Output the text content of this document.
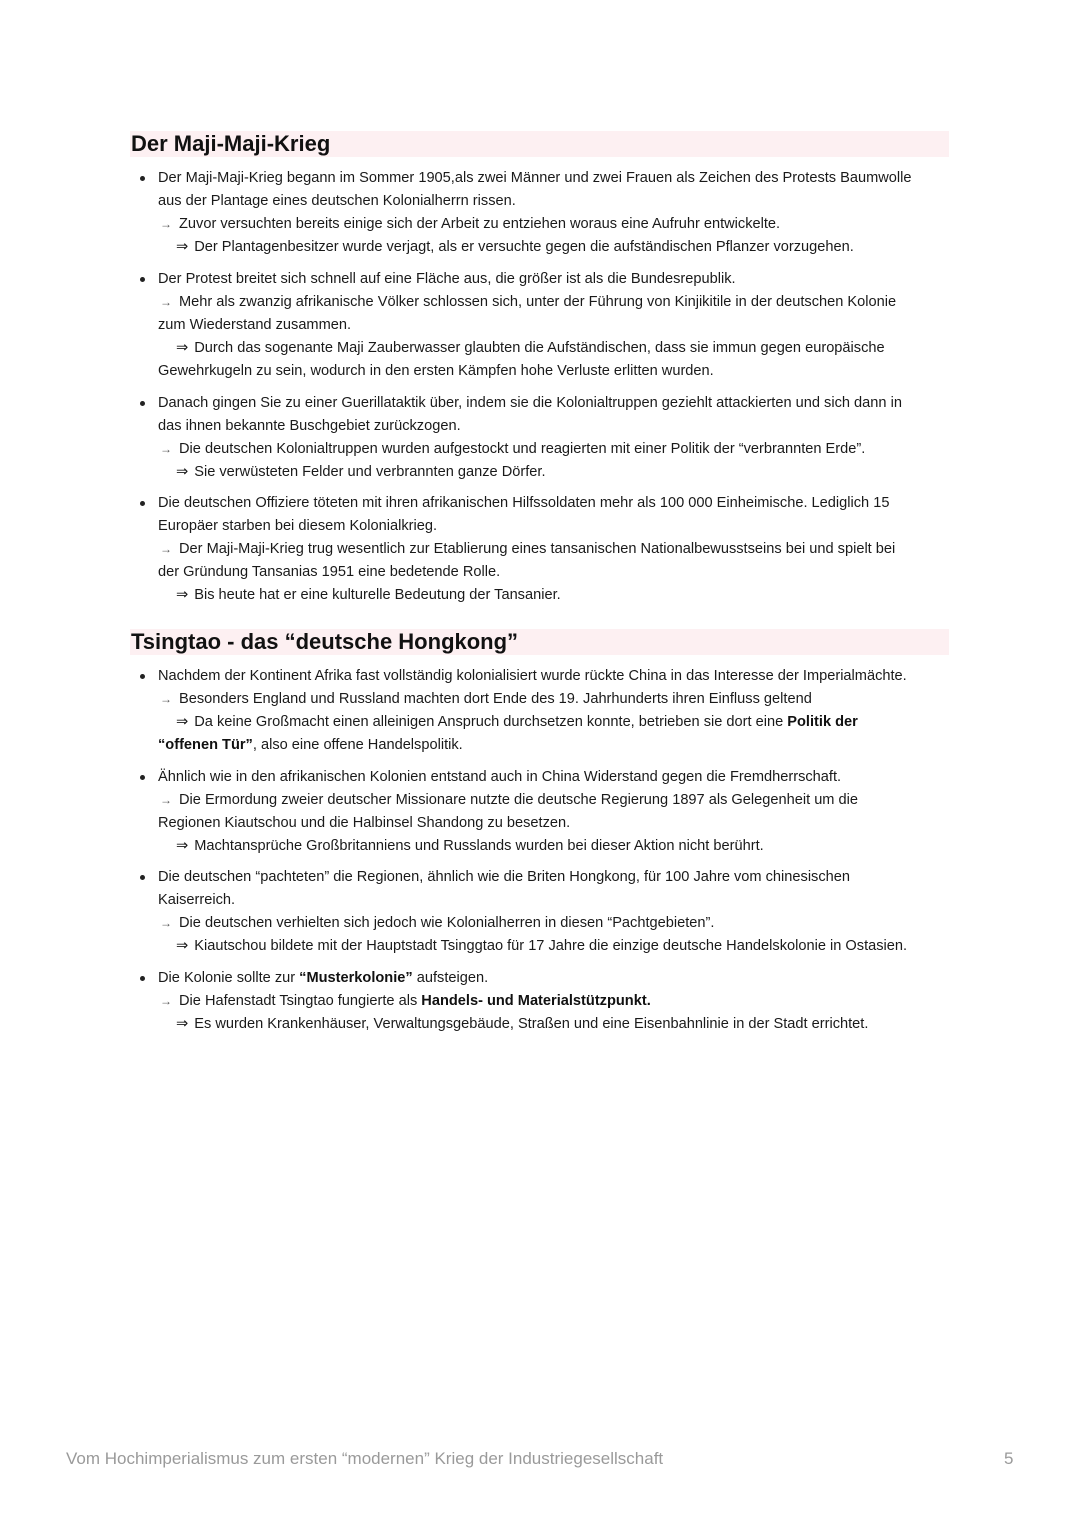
Der Maji-Maji-Krieg
Der Maji-Maji-Krieg begann im Sommer 1905,als zwei Männer und zwei Frauen als Zeichen des Protests Baumwolle
aus der Plantage eines deutschen Kolonialherrn rissen.
→ Zuvor versuchten bereits einige sich der Arbeit zu entziehen woraus eine Aufruhr entwickelte.
⇒ Der Plantagenbesitzer wurde verjagt, als er versuchte gegen die aufständischen Pflanzer vorzugehen.
Der Protest breitet sich schnell auf eine Fläche aus, die größer ist als die Bundesrepublik.
→ Mehr als zwanzig afrikanische Völker schlossen sich, unter der Führung von Kinjikitile in der deutschen Kolonie
zum Wiederstand zusammen.
⇒ Durch das sogenante Maji Zauberwasser glaubten die Aufständischen, dass sie immun gegen europäische
Gewehrkugeln zu sein, wodurch in den ersten Kämpfen hohe Verluste erlitten wurden.
Danach gingen Sie zu einer Guerillataktik über, indem sie die Kolonialtruppen geziehlt attackierten und sich dann in
das ihnen bekannte Buschgebiet zurückzogen.
→ Die deutschen Kolonialtruppen wurden aufgestockt und reagierten mit einer Politik der “verbrannten Erde”.
⇒ Sie verwüsteten Felder und verbrannten ganze Dörfer.
Die deutschen Offiziere töteten mit ihren afrikanischen Hilfssoldaten mehr als 100 000 Einheimische. Lediglich 15
Europäer starben bei diesem Kolonialkrieg.
→ Der Maji-Maji-Krieg trug wesentlich zur Etablierung eines tansanischen Nationalbewusstseins bei und spielt bei
der Gründung Tansanias 1951 eine bedetende Rolle.
⇒ Bis heute hat er eine kulturelle Bedeutung der Tansanier.
Tsingtao - das “deutsche Hongkong”
Nachdem der Kontinent Afrika fast vollständig kolonialisiert wurde rückte China in das Interesse der Imperialmächte.
→ Besonders England und Russland machten dort Ende des 19. Jahrhunderts ihren Einfluss geltend
⇒ Da keine Großmacht einen alleinigen Anspruch durchsetzen konnte, betrieben sie dort eine Politik der
“offenen Tür”, also eine offene Handelspolitik.
Ähnlich wie in den afrikanischen Kolonien entstand auch in China Widerstand gegen die Fremdherrschaft.
→ Die Ermordung zweier deutscher Missionare nutzte die deutsche Regierung 1897 als Gelegenheit um die
Regionen Kiautschou und die Halbinsel Shandong zu besetzen.
⇒ Machtansprüche Großbritanniens und Russlands wurden bei dieser Aktion nicht berührt.
Die deutschen “pachteten” die Regionen, ähnlich wie die Briten Hongkong, für 100 Jahre vom chinesischen
Kaiserreich.
→ Die deutschen verhielten sich jedoch wie Kolonialherren in diesen “Pachtgebieten”.
⇒ Kiautschou bildete mit der Hauptstadt Tsinggtao für 17 Jahre die einzige deutsche Handelskolonie in Ostasien.
Die Kolonie sollte zur “Musterkolonie” aufsteigen.
→ Die Hafenstadt Tsingtao fungierte als Handels- und Materialstützpunkt.
⇒ Es wurden Krankenhäuser, Verwaltungsgebäude, Straßen und eine Eisenbahnlinie in der Stadt errichtet.
Vom Hochimperialismus zum ersten “modernen” Krieg der Industriegesellschaft	5
